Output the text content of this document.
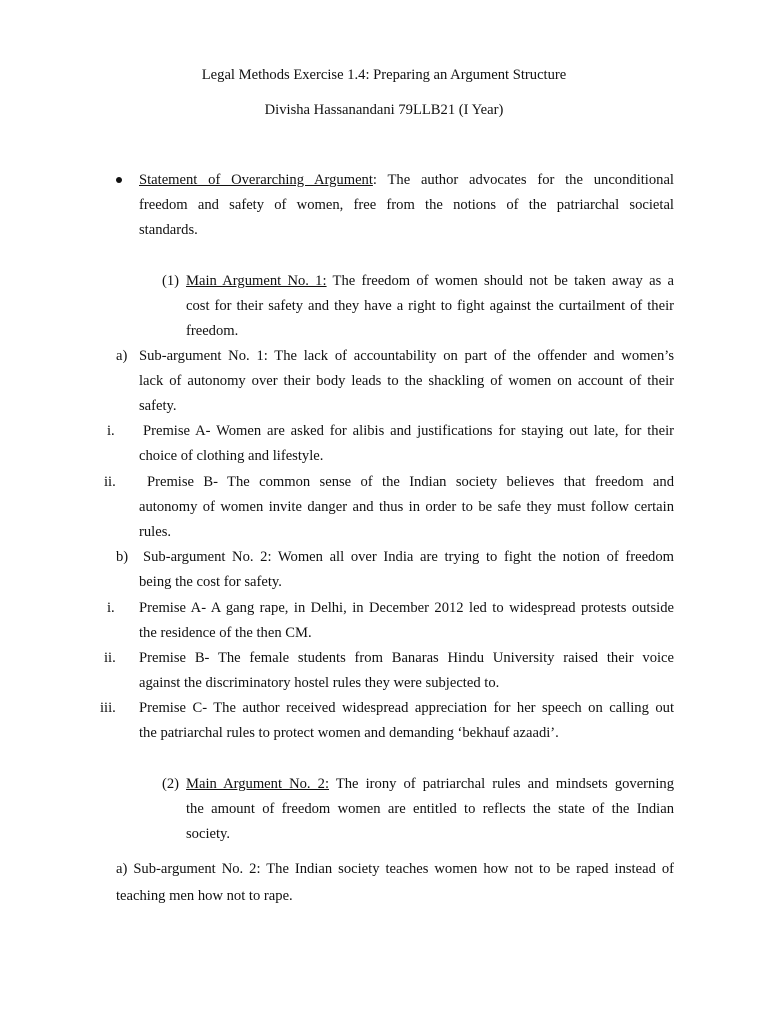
Legal Methods Exercise 1.4: Preparing an Argument Structure
Divisha Hassanandani 79LLB21 (I Year)
Statement of Overarching Argument: The author advocates for the unconditional
freedom and safety of women, free from the notions of the patriarchal societal
standards.
(1) Main Argument No. 1: The freedom of women should not be taken away as a
cost for their safety and they have a right to fight against the curtailment of their
freedom.
a) Sub-argument No. 1: The lack of accountability on part of the offender and women’s
lack of autonomy over their body leads to the shackling of women on account of their
safety.
i. Premise A- Women are asked for alibis and justifications for staying out late, for their
choice of clothing and lifestyle.
ii. Premise B- The common sense of the Indian society believes that freedom and
autonomy of women invite danger and thus in order to be safe they must follow certain
rules.
b) Sub-argument No. 2: Women all over India are trying to fight the notion of freedom
being the cost for safety.
i. Premise A- A gang rape, in Delhi, in December 2012 led to widespread protests outside
the residence of the then CM.
ii. Premise B- The female students from Banaras Hindu University raised their voice
against the discriminatory hostel rules they were subjected to.
iii. Premise C- The author received widespread appreciation for her speech on calling out
the patriarchal rules to protect women and demanding ‘bekhauf azaadi’.
(2) Main Argument No. 2: The irony of patriarchal rules and mindsets governing
the amount of freedom women are entitled to reflects the state of the Indian
society.
a) Sub-argument No. 2: The Indian society teaches women how not to be raped instead of
teaching men how not to rape.
